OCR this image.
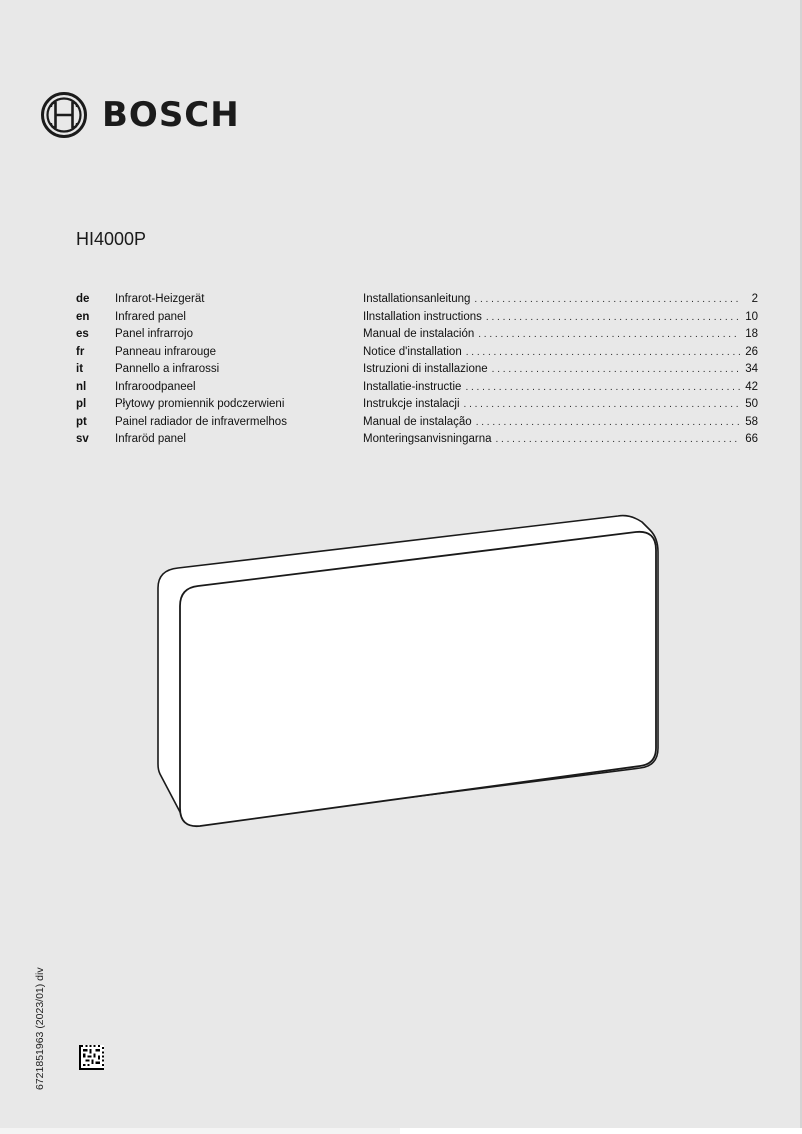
BOSCH
HI4000P
de	Infrarot-Heizgerät	Installationsanleitung . . .	2
en	Infrared panel	Ilnstallation instructions . . .	10
es	Panel infrarrojo	Manual de instalación . . .	18
fr	Panneau infrarouge	Notice d'installation . . .	26
it	Pannello a infrarossi	Istruzioni di installazione . . .	34
nl	Infraroodpaneel	Installatie-instructie . . .	42
pl	Płytowy promiennik podczerwieni	Instrukcje instalacji . . .	50
pt	Painel radiador de infravermelhos	Manual de instalação . . .	58
sv	Infraröd panel	Monteringsanvisningarna . . .	66
6721851963 (2023/01) div
